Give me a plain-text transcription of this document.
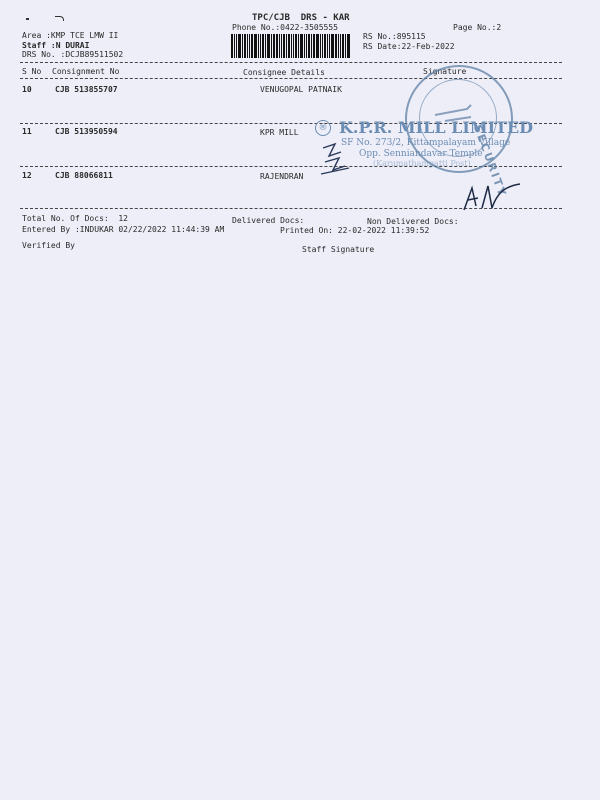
TPC/CJB  DRS - KAR
Phone No.:0422-3505555	Page No.:2
Area :KMP TCE LMW II
Staff :N DURAI
DRS No. :DCJB89511502
RS No.:895115
RS Date:22-Feb-2022
S No Consignment No	Consignee Details	Signature
10	CJB 513855707	VENUGOPAL PATNAIK
11	CJB 513950594	KPR MILL
12	CJB 88066811	RAJENDRAN
Total No. Of Docs:  12	Delivered Docs:	Non Delivered Docs:
Entered By :INDUKAR 02/22/2022 11:44:39 AM	Printed On: 22-02-2022 11:39:52
Verified By	Staff Signature
SECURITY
® K.P.R. MILL LIMITED
SF No. 273/2, Kittampalayam Village
Opp. Senniandavar Temple
(Karumathampatti Post)
